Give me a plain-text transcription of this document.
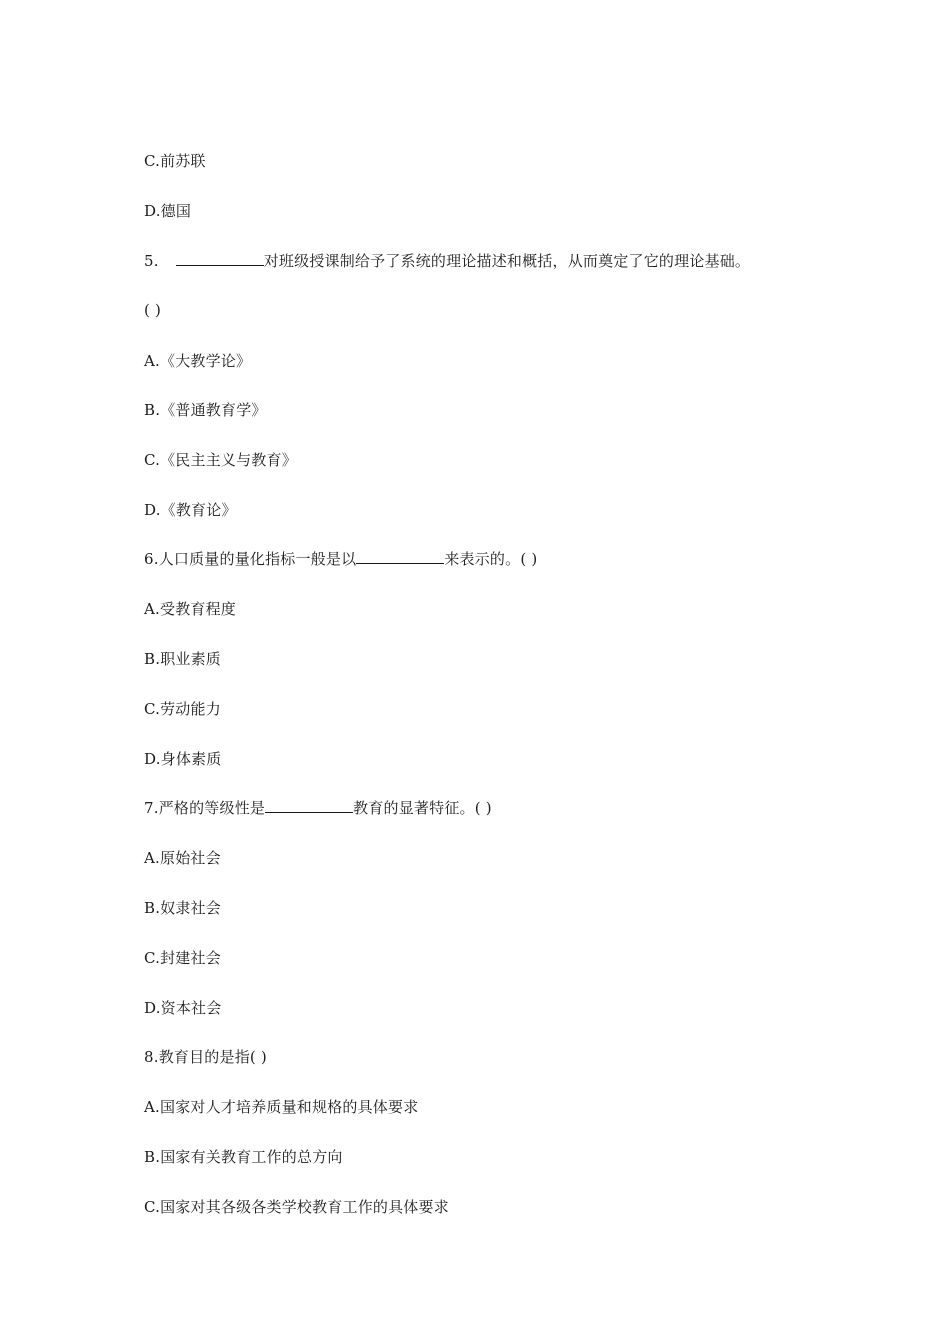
C.前苏联
D.德国
5.	对班级授课制给予了系统的理论描述和概括，从而奠定了它的理论基础。
( )
A.《大教学论》
B.《普通教育学》
C.《民主主义与教育》
D.《教育论》
6.人口质量的量化指标一般是以	来表示的。( )
A.受教育程度
B.职业素质
C.劳动能力
D.身体素质
7.严格的等级性是	教育的显著特征。( )
A.原始社会
B.奴隶社会
C.封建社会
D.资本社会
8.教育目的是指( )
A.国家对人才培养质量和规格的具体要求
B.国家有关教育工作的总方向
C.国家对其各级各类学校教育工作的具体要求
